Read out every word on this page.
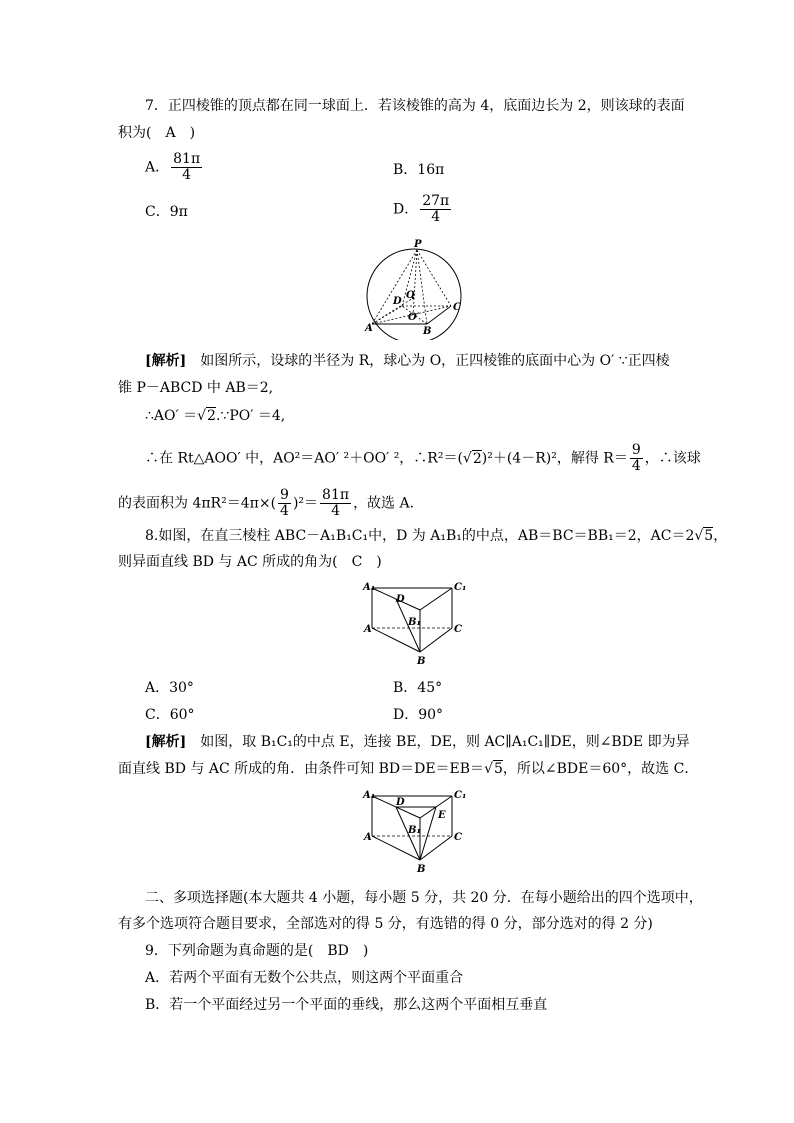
7．正四棱锥的顶点都在同一球面上．若该棱锥的高为 4，底面边长为 2，则该球的表面
积为(　A　)
A． $\frac{81\pi}{4}$	B．16π
C．9π	D． $\frac{27\pi}{4}$
P
O
O′
D
C
A	B
[解析]　如图所示，设球的半径为 R，球心为 O，正四棱锥的底面中心为 O′ ∵正四棱
锥 P－ABCD 中 AB＝2,
∴AO′ ＝√2.∵PO′ ＝4,
∴在 Rt△AOO′ 中，AO²＝AO′ ²＋OO′ ²，∴R²＝(√2)²＋(4－R)²，解得 $R= \frac{9}{4}$ ，∴该球
的表面积为 $4\pi R^2=4\pi\times( \frac{9}{4} )^2= \frac{81\pi}{4}$ ，故选 A．
8.如图，在直三棱柱 ABC－A₁B₁C₁中，D 为 A₁B₁的中点，AB＝BC＝BB₁＝2，AC＝2√5，
则异面直线 BD 与 AC 所成的角为(　C　)
A₁	C₁
D
B₁
A	C
B
A．30°	B．45°
C．60°	D．90°
[解析]　如图，取 B₁C₁的中点 E，连接 BE，DE，则 AC∥A₁C₁∥DE，则∠BDE 即为异
面直线 BD 与 AC 所成的角．由条件可知 BD＝DE＝EB＝√5，所以∠BDE＝60°，故选 C．
A₁	C₁
D
E
B₁
A	C
B
二、多项选择题(本大题共 4 小题，每小题 5 分，共 20 分．在每小题给出的四个选项中，
有多个选项符合题目要求，全部选对的得 5 分，有选错的得 0 分，部分选对的得 2 分)
9．下列命题为真命题的是(　BD　)
A．若两个平面有无数个公共点，则这两个平面重合
B．若一个平面经过另一个平面的垂线，那么这两个平面相互垂直
